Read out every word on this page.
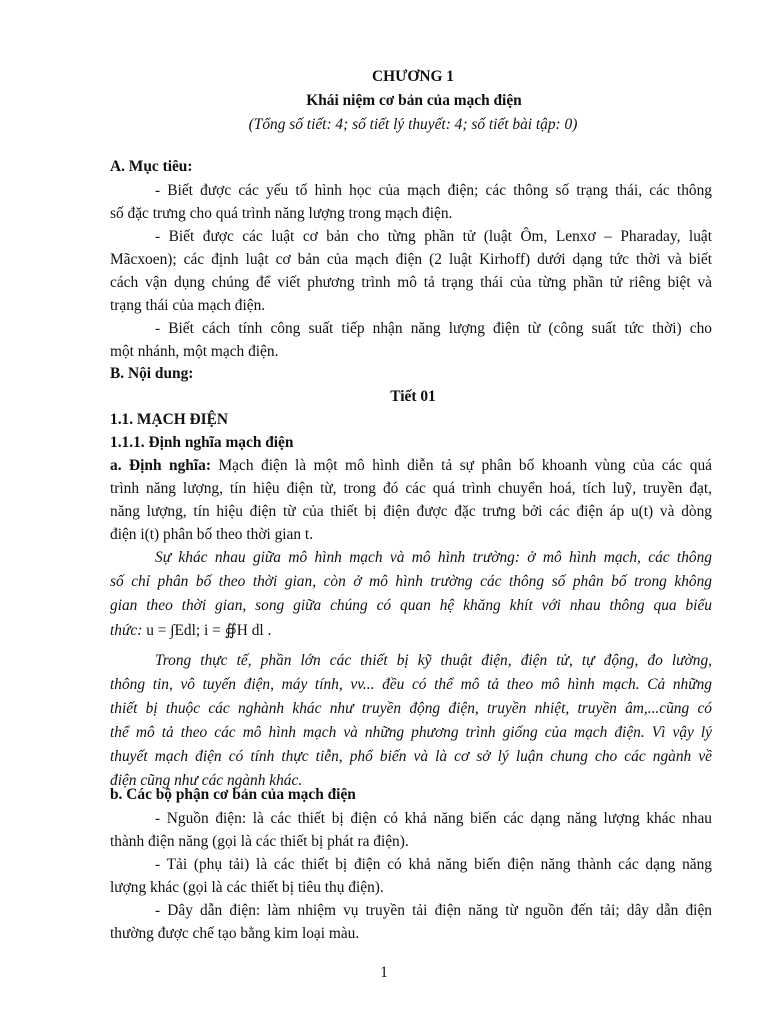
CHƯƠNG 1
Khái niệm cơ bản của mạch điện
(Tổng số tiết: 4; số tiết lý thuyết: 4; số tiết bài tập: 0)
A. Mục tiêu:
- Biết được các yếu tố hình học của mạch điện; các thông số trạng thái, các thông
số đặc trưng cho quá trình năng lượng trong mạch điện.
- Biết được các luật cơ bản cho từng phần tử (luật Ôm, Lenxơ – Pharaday, luật
Mãcxoen); các định luật cơ bản của mạch điện (2 luật Kirhoff) dưới dạng tức thời và biết
cách vận dụng chúng để viết phương trình mô tả trạng thái của từng phần tử riêng biệt và
trạng thái của mạch điện.
- Biết cách tính công suất tiếp nhận năng lượng điện từ (công suất tức thời) cho
một nhánh, một mạch điện.
B. Nội dung:
Tiết 01
1.1. MẠCH ĐIỆN
1.1.1. Định nghĩa mạch điện
a. Định nghĩa: Mạch điện là một mô hình diễn tả sự phân bố khoanh vùng của các quá
trình năng lượng, tín hiệu điện từ, trong đó các quá trình chuyển hoá, tích luỹ, truyền đạt,
năng lượng, tín hiệu điện từ của thiết bị điện được đặc trưng bởi các điện áp u(t) và dòng
điện i(t) phân bố theo thời gian t.
Sự khác nhau giữa mô hình mạch và mô hình trường: ở mô hình mạch, các thông
số chỉ phân bố theo thời gian, còn ở mô hình trường các thông số phân bố trong không
gian theo thời gian, song giữa chúng có quan hệ khăng khít với nhau thông qua biểu
thức: u = ∫Edl; i = ∯H dl .
Trong thực tế, phần lớn các thiết bị kỹ thuật điện, điện tử, tự động, đo lường,
thông tin, vô tuyến điện, máy tính, vv... đều có thể mô tả theo mô hình mạch. Cả những
thiết bị thuộc các nghành khác như truyền động điện, truyền nhiệt, truyền âm,...cũng có
thể mô tả theo các mô hình mạch và những phương trình giống của mạch điện. Vì vậy lý
thuyết mạch điện có tính thực tiễn, phổ biến và là cơ sở lý luận chung cho các ngành về
điện cũng như các ngành khác.
b. Các bộ phận cơ bản của mạch điện
- Nguồn điện: là các thiết bị điện có khả năng biến các dạng năng lượng khác nhau
thành điện năng (gọi là các thiết bị phát ra điện).
- Tải (phụ tải) là các thiết bị điện có khả năng biến điện năng thành các dạng năng
lượng khác (gọi là các thiết bị tiêu thụ điện).
- Dây dẫn điện: làm nhiệm vụ truyền tải điện năng từ nguồn đến tải; dây dẫn điện
thường được chế tạo bằng kim loại màu.
1
